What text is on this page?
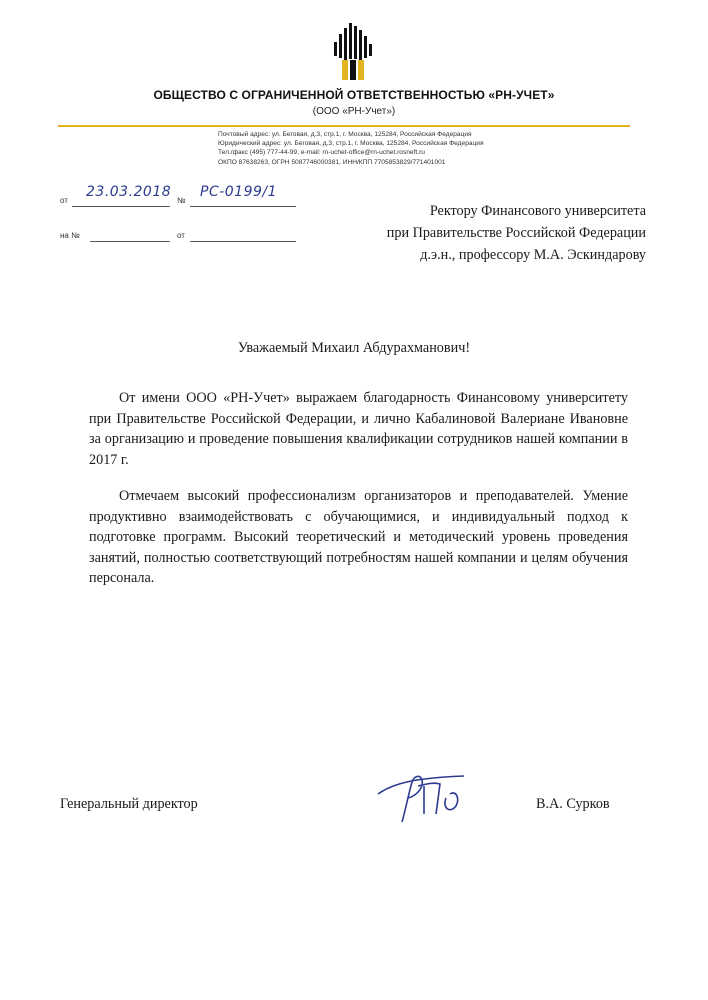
ОБЩЕСТВО С ОГРАНИЧЕННОЙ ОТВЕТСТВЕННОСТЬЮ «РН-УЧЕТ»
(ООО «РН-Учет»)
Почтовый адрес: ул. Беговая, д.3, стр.1, г. Москва, 125284, Российская Федерация
Юридический адрес: ул. Беговая, д.3, стр.1, г. Москва, 125284, Российская Федерация
Тел./факс (495) 777-44-99, e-mail: rn-uchet-office@rn-uchet.rosneft.ru
ОКПО 87638263, ОГРН 5087746000381, ИНН/КПП 7705853829/771401001
от
23.03.2018
№
РС-0199/1
на №	от
Ректору Финансового университета
при Правительстве Российской Федерации
д.э.н., профессору М.А. Эскиндарову
Уважаемый Михаил Абдурахманович!

От имени ООО «РН-Учет» выражаем благодарность Финансовому университету при Правительстве Российской Федерации, и лично Кабалиновой Валериане Ивановне за организацию и проведение повышения квалификации сотрудников нашей компании в 2017 г.

Отмечаем высокий профессионализм организаторов и преподавателей. Умение продуктивно взаимодействовать с обучающимися, и индивидуальный подход к подготовке программ. Высокий теоретический и методический уровень проведения занятий, полностью соответствующий потребностям нашей компании и целям обучения персонала.

Генеральный директор	В.А. Сурков
